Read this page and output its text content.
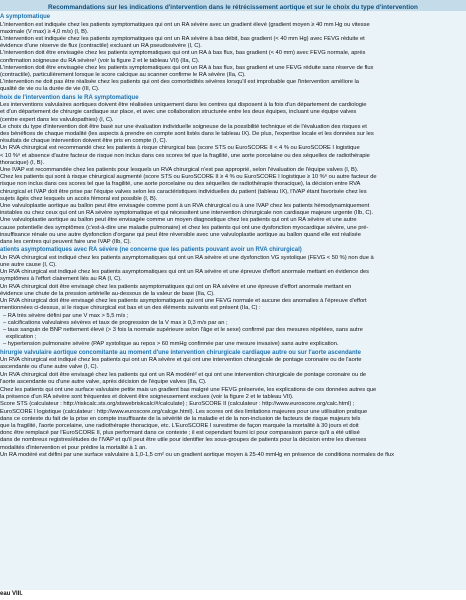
Recommandations sur les indications d'intervention dans le rétrécissement aortique et sur le choix du type d'intervention
A symptomatique
L'intervention est indiquée chez les patients symptomatiques qui ont un RA sévère avec un gradient élevé (gradient moyen ≥ 40 mm Hg ou vitesse
maximale (V max) ≥ 4,0 m/s) (I, B).
L'intervention est indiquée chez les patients symptomatiques qui ont un RA sévère à bas débit, bas gradient (< 40 mm Hg) avec FEVG réduite et
évidence d'une réserve de flux (contractile) excluant un RA pseudosévère (I, C).
L'intervention doit être envisagée chez les patients symptomatiques qui ont un RA à bas flux, bas gradient (< 40 mm) avec FEVG normale, après
confirmation soigneuse du RA sévère¹ (voir la figure 2 et le tableau VII) (IIa, C).
L'intervention doit être envisagée chez les patients symptomatiques qui ont un RA à bas flux, bas gradient et une FEVG réduite sans réserve de flux
(contractile), particulièrement lorsque le score calcique au scanner confirme le RA sévère (IIa, C).
L'intervention ne doit pas être réalisée chez les patients qui ont des comorbidités sévères lorsqu'il est improbable que l'intervention améliore la
qualité de vie ou la durée de vie (III, C).
hoix de l'intervention dans le RA symptomatique
Les interventions valvulaires aortiques doivent être réalisées uniquement dans les centres qui disposent à la fois d'un département de cardiologie
et d'un département de chirurgie cardiaque sur place, et avec une collaboration structurée entre les deux équipes, incluant une équipe valves
(centre expert dans les valvulopathies) (I, C).
Le choix du type d'intervention doit être basé sur une évaluation individuelle soigneuse de la possibilité technique et de l'évaluation des risques et
des bénéfices de chaque modalité (les aspects à prendre en compte sont listés dans le tableau IX). De plus, l'expertise locale et les données sur les
résultats de chaque intervention doivent être pris en compte (I, C).
Un RVA chirurgical est recommandé chez les patients à risque chirurgical bas (score STS ou EuroSCORE II < 4 % ou EuroSCORE I logistique
< 10 %⁶ et absence d'autre facteur de risque non inclus dans ces scores tel que la fragilité, une aorte porcelaine ou des séquelles de radiothérapie
thoracique) (I, B).
Une IVAP est recommandée chez les patients pour lesquels un RVA chirurgical n'est pas approprié, selon l'évaluation de l'équipe valves (I, B).
Chez les patients qui sont à risque chirurgical augmenté (score STS ou EuroSCORE II ≥ 4 % ou EuroSCORE I logistique ≥ 10 %⁶ ou autre facteur de
risque non inclus dans ces scores tel que la fragilité, une aorte porcelaine ou des séquelles de radiothérapie thoracique), la décision entre RVA
chirurgical et IVAP doit être prise par l'équipe valves selon les caractéristiques individuelles du patient (tableau IX), l'IVAP étant favorisée chez les
sujets âgés chez lesquels un accès fémoral est possible (I, B).
Une valvuloplastie aortique au ballon peut être envisagée comme pont à un RVA chirurgical ou à une IVAP chez les patients hémodynamiquement
instables ou chez ceux qui ont un RA sévère symptomatique et qui nécessitent une intervention chirurgicale non cardiaque majeure urgente (IIb, C).
Une valvuloplastie aortique au ballon peut être envisagée comme un moyen diagnostique chez les patients qui ont un RA sévère et une autre
cause potentielle des symptômes (c'est-à-dire une maladie pulmonaire) et chez les patients qui ont une dysfonction myocardique sévère, une pré-
insuffisance rénale ou une autre dysfonction d'organe qui peut être réversible avec une valvuloplastie aortique au ballon quand elle est réalisée
dans les centres qui peuvent faire une IVAP (IIb, C).
atients asymptomatiques avec RA sévère (ne concerne que les patients pouvant avoir un RVA chirurgical)
Un RVA chirurgical est indiqué chez les patients asymptomatiques qui ont un RA sévère et une dysfonction VG systolique (FEVG < 50 %) non due à
une autre cause (I, C).
Un RVA chirurgical est indiqué chez les patients asymptomatiques qui ont un RA sévère et une épreuve d'effort anormale mettant en évidence des
symptômes à l'effort clairement liés au RA (I, C).
Un RVA chirurgical doit être envisagé chez les patients asymptomatiques qui ont un RA sévère et une épreuve d'effort anormale mettant en
évidence une chute de la pression artérielle au-dessous de la valeur de base (IIa, C).
Un RVA chirurgical doit être envisagé chez les patients asymptomatiques qui ont une FEVG normale et aucune des anomalies à l'épreuve d'effort
mentionnées ci-dessus, si le risque chirurgical est bas et un des éléments suivants est présent (IIa, C) :
– RA très sévère défini par une V max > 5,5 m/s ;
– calcifications valvulaires sévères et taux de progression de la V max ≥ 0,3 m/s par an ;
– taux sanguin de BNP nettement élevé (> 3 fois la normale supérieure selon l'âge et le sexe) confirmé par des mesures répétées, sans autre
explication ;
– hypertension pulmonaire sévère (PAP systolique au repos > 60 mmHg confirmée par une mesure invasive) sans autre explication.
hirurgie valvulaire aortique concomitante au moment d'une intervention chirurgicale cardiaque autre ou sur l'aorte ascendante
Un RVA chirurgical est indiqué chez les patients qui ont un RA sévère et qui ont une intervention chirurgicale de pontage coronaire ou de l'aorte
ascendante ou d'une autre valve (I, C).
Un RVA chirurgical doit être envisagé chez les patients qui ont un RA modéré² et qui ont une intervention chirurgicale de pontage coronaire ou de
l'aorte ascendante ou d'une autre valve, après décision de l'équipe valves (IIa, C).
Chez les patients qui ont une surface valvulaire petite mais un gradient bas malgré une FEVG préservée, les explications de ces données autres que
la présence d'un RA sévère sont fréquentes et doivent être soigneusement exclues (voir la figure 2 et le tableau VII).
Score STS (calculateur : http://riskcalc.sts.org/stswebriskcalc/#/calculate) ; EuroSCORE II (calculateur : http://www.euroscore.org/calc.html) ;
EuroSCORE I logistique (calculateur : http://www.euroscore.org/calcge.html). Les scores ont des limitations majeures pour une utilisation pratique
dans ce contexte du fait de la prise en compte insuffisante de la sévérité de la maladie et de la non-inclusion de facteurs de risque majeurs tels
que la fragilité, l'aorte porcelaine, une radiothérapie thoracique, etc. L'EuroSCORE I surestime de façon marquée la mortalité à 30 jours et doit
donc être remplacé par l'EuroSCORE II, plus performant dans ce contexte ; il est cependant fourni ici pour comparaison parce qu'il a été utilisé
dans de nombreux registres/études de l'IVAP et qu'il peut être utile pour identifier les sous-groupes de patients pour la décision entre les diverses
modalités d'intervention et pour prédire la mortalité à 1 an.
Un RA modéré est défini par une surface valvulaire à 1,0-1,5 cm² ou un gradient aortique moyen à 25-40 mmHg en présence de conditions normales de flux
eau VIII.
